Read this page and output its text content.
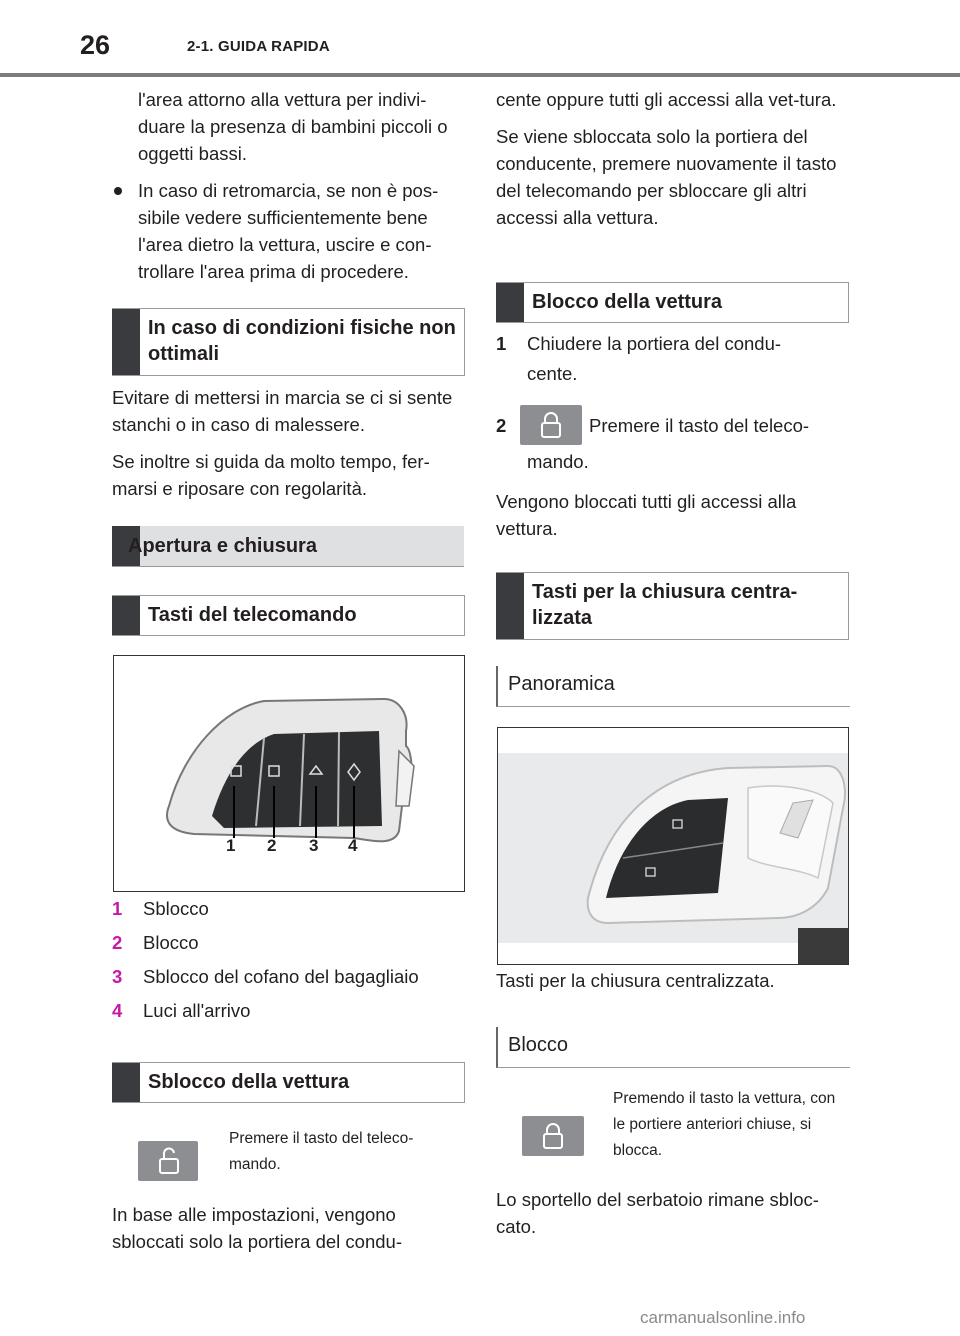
26	2-1. GUIDA RAPIDA

l'area attorno alla vettura per indivi-duare la presenza di bambini piccoli o oggetti bassi.

In caso di retromarcia, se non è pos-sibile vedere sufficientemente bene l'area dietro la vettura, uscire e con-trollare l'area prima di procedere.

In caso di condizioni fisiche non ottimali

Evitare di mettersi in marcia se ci si sente stanchi o in caso di malessere.

Se inoltre si guida da molto tempo, fer-marsi e riposare con regolarità.

Apertura e chiusura
Tasti del telecomando
1 2 3 4
1 Sblocco
2 Blocco
3 Sblocco del cofano del bagagliaio
4 Luci all'arrivo
Sblocco della vettura
Premere il tasto del teleco-mando.

In base alle impostazioni, vengono sbloccati solo la portiera del condu-

cente oppure tutti gli accessi alla vet-tura.

Se viene sbloccata solo la portiera del conducente, premere nuovamente il tasto del telecomando per sbloccare gli altri accessi alla vettura.

Blocco della vettura
1 Chiudere la portiera del condu-
cente.
2	Premere il tasto del teleco-
mando.

Vengono bloccati tutti gli accessi alla vettura.

Tasti per la chiusura centra-lizzata
Panoramica
Tasti per la chiusura centralizzata.
Blocco
Premendo il tasto la vettura, con le portiere anteriori chiuse, si blocca.

Lo sportello del serbatoio rimane sbloc-cato.

carmanualsonline.info
